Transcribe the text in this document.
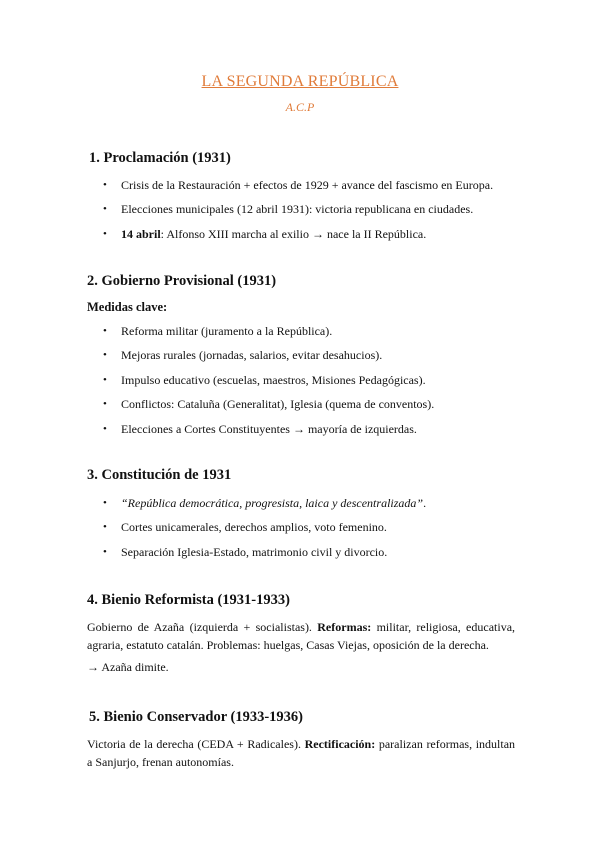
LA SEGUNDA REPÚBLICA
A.C.P
1. Proclamación (1931)
• Crisis de la Restauración + efectos de 1929 + avance del fascismo en Europa.
• Elecciones municipales (12 abril 1931): victoria republicana en ciudades.
• 14 abril: Alfonso XIII marcha al exilio → nace la II República.
2. Gobierno Provisional (1931)
Medidas clave:
• Reforma militar (juramento a la República).
• Mejoras rurales (jornadas, salarios, evitar desahucios).
• Impulso educativo (escuelas, maestros, Misiones Pedagógicas).
• Conflictos: Cataluña (Generalitat), Iglesia (quema de conventos).
• Elecciones a Cortes Constituyentes → mayoría de izquierdas.
3. Constitución de 1931
• “República democrática, progresista, laica y descentralizada”.
• Cortes unicamerales, derechos amplios, voto femenino.
• Separación Iglesia-Estado, matrimonio civil y divorcio.
4. Bienio Reformista (1931-1933)

Gobierno de Azaña (izquierda + socialistas). Reformas: militar, religiosa, educativa, agraria, estatuto catalán. Problemas: huelgas, Casas Viejas, oposición de la derecha.

→ Azaña dimite.

5. Bienio Conservador (1933-1936)

Victoria de la derecha (CEDA + Radicales). Rectificación: paralizan reformas, indultan a Sanjurjo, frenan autonomías.
